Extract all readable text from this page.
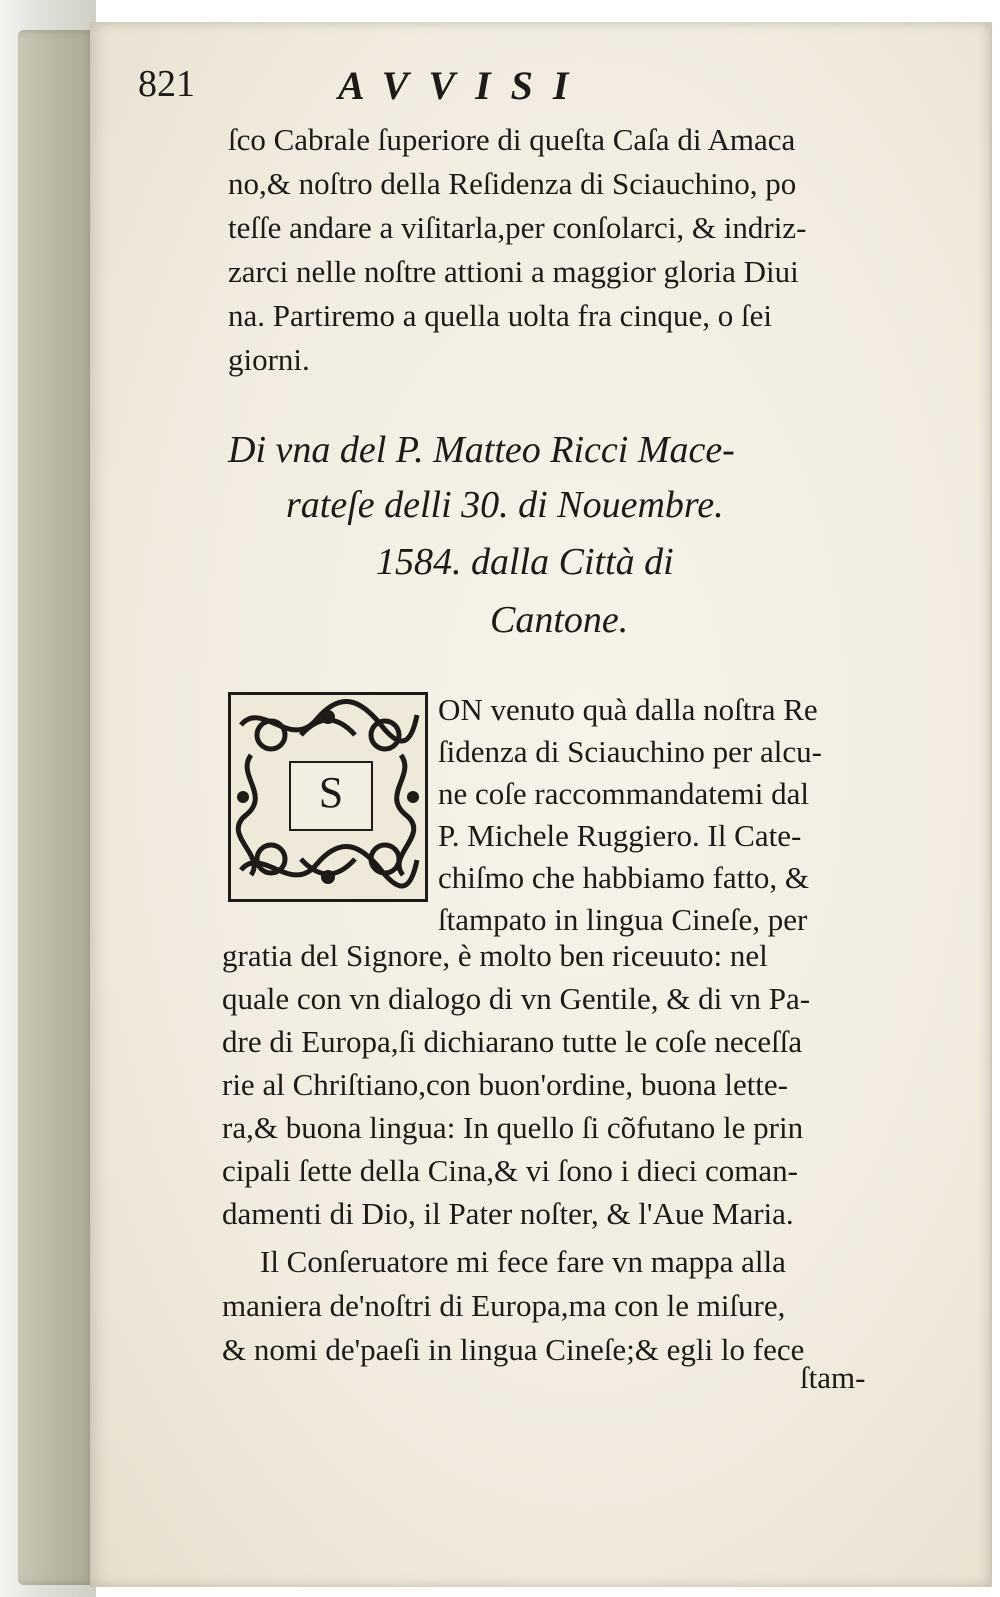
821	AVVISI
ſco Cabrale ſuperiore di queſta Caſa di Amaca
no,& noſtro della Reſidenza di Sciauchino, po
teſſe andare a viſitarla,per conſolarci, & indriz-
zarci nelle noſtre attioni a maggior gloria Diui
na. Partiremo a quella uolta fra cinque, o ſei
giorni.
Di vna del P. Matteo Ricci Mace-
rateſe delli 30. di Nouembre.
1584. dalla Città di
Cantone.
S
ON venuto quà dalla noſtra Re
ſidenza di Sciauchino per alcu-
ne coſe raccommandatemi dal
P. Michele Ruggiero. Il Cate-
chiſmo che habbiamo fatto, &
ſtampato in lingua Cineſe, per
gratia del Signore, è molto ben riceuuto: nel
quale con vn dialogo di vn Gentile, & di vn Pa-
dre di Europa,ſi dichiarano tutte le coſe neceſſa
rie al Chriſtiano,con buon'ordine, buona lette-
ra,& buona lingua: In quello ſi cõfutano le prin
cipali ſette della Cina,& vi ſono i dieci coman-
damenti di Dio, il Pater noſter, & l'Aue Maria.
Il Conſeruatore mi fece fare vn mappa alla
maniera de'noſtri di Europa,ma con le miſure,
& nomi de'paeſi in lingua Cineſe;& egli lo fece
ſtam-
